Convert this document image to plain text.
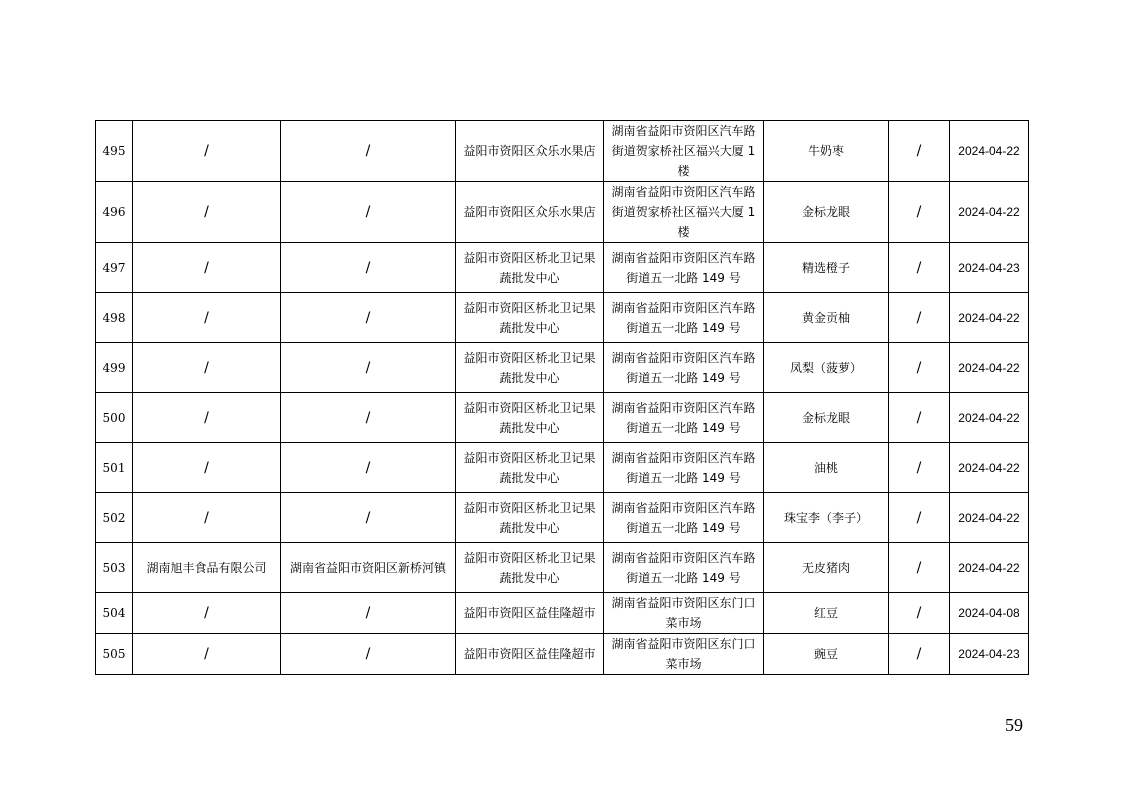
495	/	/	益阳市资阳区众乐水果店	湖南省益阳市资阳区汽车路街道贺家桥社区福兴大厦 1 楼	牛奶枣	/	2024-04-22
496	/	/	益阳市资阳区众乐水果店	湖南省益阳市资阳区汽车路街道贺家桥社区福兴大厦 1 楼	金标龙眼	/	2024-04-22
497	/	/	益阳市资阳区桥北卫记果蔬批发中心	湖南省益阳市资阳区汽车路街道五一北路 149 号	精选橙子	/	2024-04-23
498	/	/	益阳市资阳区桥北卫记果蔬批发中心	湖南省益阳市资阳区汽车路街道五一北路 149 号	黄金贡柚	/	2024-04-22
499	/	/	益阳市资阳区桥北卫记果蔬批发中心	湖南省益阳市资阳区汽车路街道五一北路 149 号	凤梨（菠萝）	/	2024-04-22
500	/	/	益阳市资阳区桥北卫记果蔬批发中心	湖南省益阳市资阳区汽车路街道五一北路 149 号	金标龙眼	/	2024-04-22
501	/	/	益阳市资阳区桥北卫记果蔬批发中心	湖南省益阳市资阳区汽车路街道五一北路 149 号	油桃	/	2024-04-22
502	/	/	益阳市资阳区桥北卫记果蔬批发中心	湖南省益阳市资阳区汽车路街道五一北路 149 号	珠宝李（李子）	/	2024-04-22
503	湖南旭丰食品有限公司	湖南省益阳市资阳区新桥河镇	益阳市资阳区桥北卫记果蔬批发中心	湖南省益阳市资阳区汽车路街道五一北路 149 号	无皮猪肉	/	2024-04-22
504	/	/	益阳市资阳区益佳隆超市	湖南省益阳市资阳区东门口菜市场	红豆	/	2024-04-08
505	/	/	益阳市资阳区益佳隆超市	湖南省益阳市资阳区东门口菜市场	豌豆	/	2024-04-23
59
